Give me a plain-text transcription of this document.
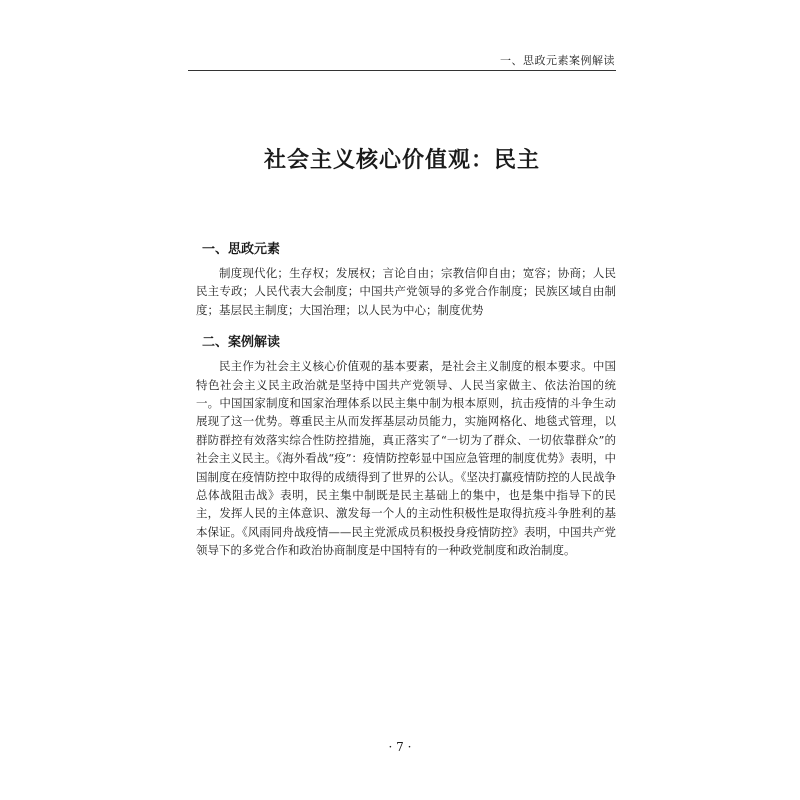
一、思政元素案例解读
社会主义核心价值观：民主
一、思政元素

制度现代化；生存权；发展权；言论自由；宗教信仰自由；宽容；协商；人民民主专政；人民代表大会制度；中国共产党领导的多党合作制度；民族区域自由制度；基层民主制度；大国治理；以人民为中心；制度优势

二、案例解读

民主作为社会主义核心价值观的基本要素，是社会主义制度的根本要求。中国特色社会主义民主政治就是坚持中国共产党领导、人民当家做主、依法治国的统一。中国国家制度和国家治理体系以民主集中制为根本原则，抗击疫情的斗争生动展现了这一优势。尊重民主从而发挥基层动员能力，实施网格化、地毯式管理，以群防群控有效落实综合性防控措施，真正落实了“一切为了群众、一切依靠群众”的社会主义民主。《海外看战“疫”：疫情防控彰显中国应急管理的制度优势》表明，中国制度在疫情防控中取得的成绩得到了世界的公认。《坚决打赢疫情防控的人民战争总体战阻击战》表明，民主集中制既是民主基础上的集中，也是集中指导下的民主，发挥人民的主体意识、激发每一个人的主动性积极性是取得抗疫斗争胜利的基本保证。《风雨同舟战疫情——民主党派成员积极投身疫情防控》表明，中国共产党领导下的多党合作和政治协商制度是中国特有的一种政党制度和政治制度。

· 7 ·
